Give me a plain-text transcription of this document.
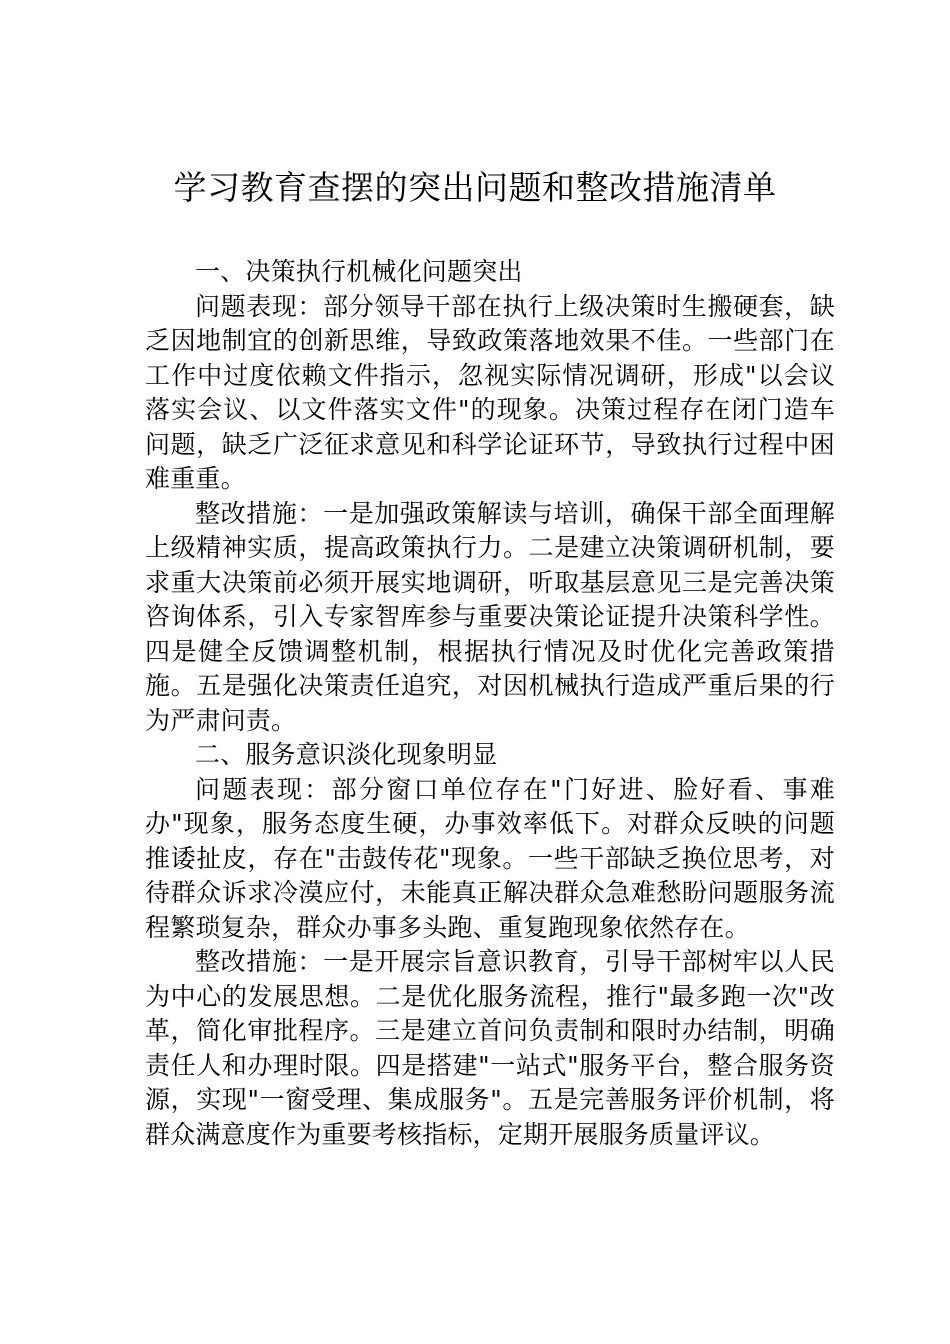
学习教育查摆的突出问题和整改措施清单

一、决策执行机械化问题突出

问题表现：部分领导干部在执行上级决策时生搬硬套，缺乏因地制宜的创新思维，导致政策落地效果不佳。一些部门在工作中过度依赖文件指示，忽视实际情况调研，形成"以会议落实会议、以文件落实文件"的现象。决策过程存在闭门造车问题，缺乏广泛征求意见和科学论证环节，导致执行过程中困难重重。

整改措施：一是加强政策解读与培训，确保干部全面理解上级精神实质，提高政策执行力。二是建立决策调研机制，要求重大决策前必须开展实地调研，听取基层意见三是完善决策咨询体系，引入专家智库参与重要决策论证提升决策科学性。四是健全反馈调整机制，根据执行情况及时优化完善政策措施。五是强化决策责任追究，对因机械执行造成严重后果的行为严肃问责。

二、服务意识淡化现象明显

问题表现：部分窗口单位存在"门好进、脸好看、事难办"现象，服务态度生硬，办事效率低下。对群众反映的问题推诿扯皮，存在"击鼓传花"现象。一些干部缺乏换位思考，对待群众诉求冷漠应付，未能真正解决群众急难愁盼问题服务流程繁琐复杂，群众办事多头跑、重复跑现象依然存在。

整改措施：一是开展宗旨意识教育，引导干部树牢以人民为中心的发展思想。二是优化服务流程，推行"最多跑一次"改革，简化审批程序。三是建立首问负责制和限时办结制，明确责任人和办理时限。四是搭建"一站式"服务平台，整合服务资源，实现"一窗受理、集成服务"。五是完善服务评价机制，将群众满意度作为重要考核指标，定期开展服务质量评议。
